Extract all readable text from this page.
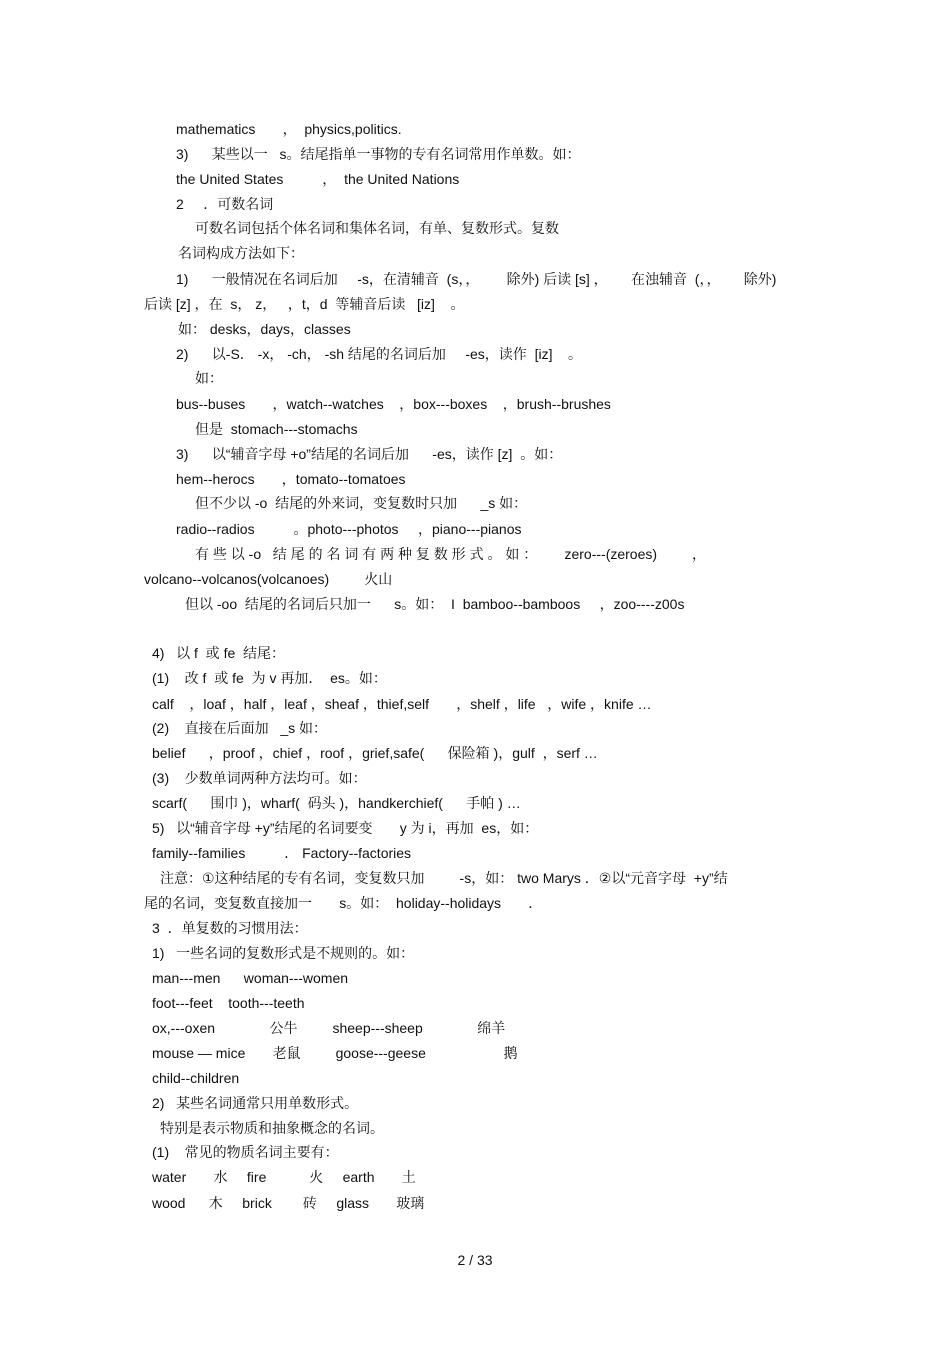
mathematics       ，  physics,politics.

3)      某些以一   s。结尾指单一事物的专有名词常用作单数。如：

the United States          ，  the United Nations

2     ．可数名词

可数名词包括个体名词和集体名词，有单、复数形式。复数

名词构成方法如下：

1)      一般情况在名词后加     -s，在清辅音  (s，，       除外) 后读 [s] ，      在浊辅音  (，，      除外)

后读 [z] ，在  s， z，   ，t，d  等辅音后读   [iz]    。

如： desks，days，classes

2)      以-S． -x， -ch， -sh 结尾的名词后加     -es，读作  [iz]    。

如：

bus--buses       ，watch--watches    ，box---boxes    ，brush--brushes

但是  stomach---stomachs

3)      以“辅音字母 +o”结尾的名词后加      -es，读作 [z]  。如：

hem--herocs       ，tomato--tomatoes

但不少以 -o  结尾的外来词，变复数时只加      _s 如：

radio--radios          。photo---photos     ，piano---pianos

有 些 以 -o   结 尾 的 名 词 有 两 种 复 数 形 式 。 如 ：       zero---(zeroes)         ，

volcano--volcanos(volcanoes)         火山

但以 -oo  结尾的名词后只加一      s。如：  I  bamboo--bamboos     ，zoo----z00s

4)   以 f  或 fe  结尾：

(1)    改 f  或 fe  为 v 再加．  es。如：

calf    ，loaf ，half ，leaf ，sheaf ，thief,self       ，shelf ，life   ，wife ，knife …

(2)    直接在后面加   _s 如：

belief      ，proof ，chief ，roof ，grief,safe(      保险箱 )，gulf  ，serf …

(3)    少数单词两种方法均可。如：

scarf(      围巾 )，wharf(  码头 )，handkerchief(      手帕 ) …

5)   以“辅音字母 +y”结尾的名词要变       y 为 i，再加  es，如：

family--families          ． Factory--factories

注意：①这种结尾的专有名词，变复数只加         -s，如： two Marys ．②以“元音字母  +y”结

尾的名词，变复数直接加一       s。如：  holiday--holidays       ．

3  ．单复数的习惯用法：

1)   一些名词的复数形式是不规则的。如：

man---men      woman---women

foot---feet    tooth---teeth

ox,---oxen              公牛         sheep---sheep              绵羊

mouse — mice       老鼠         goose---geese                    鹅

child--children

2)   某些名词通常只用单数形式。

特别是表示物质和抽象概念的名词。

(1)    常见的物质名词主要有：

water       水     fire           火     earth       土

wood      木     brick        砖     glass       玻璃

2 / 33
